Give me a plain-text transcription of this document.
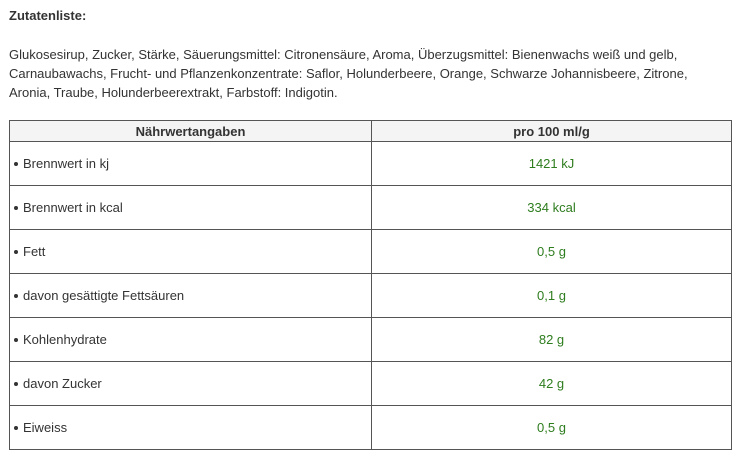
Zutatenliste:
Glukosesirup, Zucker, Stärke, Säuerungsmittel: Citronensäure, Aroma, Überzugsmittel: Bienenwachs weiß und gelb, Carnaubawachs, Frucht- und Pflanzenkonzentrate: Saflor, Holunderbeere, Orange, Schwarze Johannisbeere, Zitrone, Aronia, Traube, Holunderbeerextrakt, Farbstoff: Indigotin.
Nährwertangaben	pro 100 ml/g
Brennwert in kj	1421 kJ
Brennwert in kcal	334 kcal
Fett	0,5 g
davon gesättigte Fettsäuren	0,1 g
Kohlenhydrate	82 g
davon Zucker	42 g
Eiweiss	0,5 g
